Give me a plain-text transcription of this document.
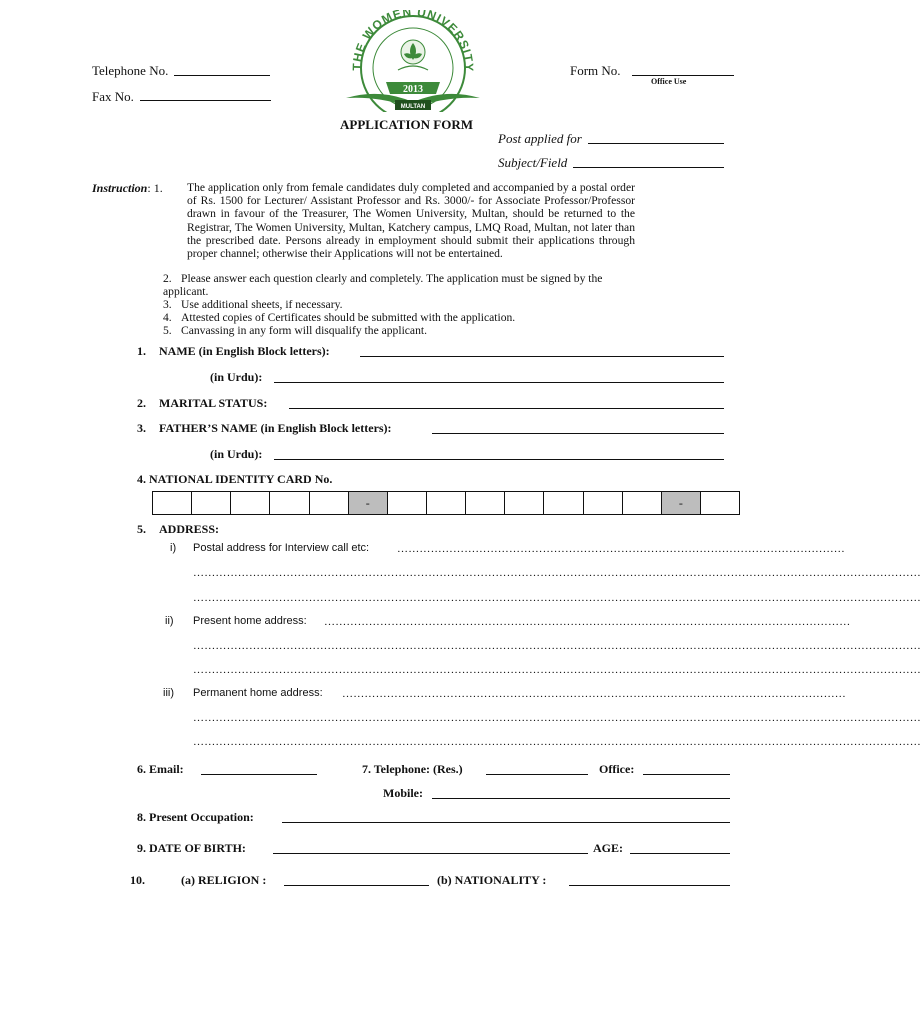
Telephone No.
Fax No.
Form No.
Office Use
THE WOMEN UNIVERSITY
2013
MULTAN
APPLICATION FORM
Post applied for
Subject/Field
Instruction: 1. The application only from female candidates duly completed and accompanied by a postal order of Rs. 1500 for Lecturer/ Assistant Professor and Rs. 3000/- for Associate Professor/Professor drawn in favour of the Treasurer, The Women University, Multan, should be returned to the Registrar, The Women University, Multan, Katchery campus, LMQ Road, Multan, not later than the prescribed date. Persons already in employment should submit their applications through proper channel; otherwise their Applications will not be entertained.
2. Please answer each question clearly and completely. The application must be signed by the applicant.
3. Use additional sheets, if necessary.
4. Attested copies of Certificates should be submitted with the application.
5. Canvassing in any form will disqualify the applicant.
1. NAME (in English Block letters):
(in Urdu):
2. MARITAL STATUS:
3. FATHER’S NAME (in English Block letters):
(in Urdu):
4. NATIONAL IDENTITY CARD No.
-	-
5. ADDRESS:
i) Postal address for Interview call etc:	…………………………………………………………………………………………………………
……………………………………………………………………………………………………………………………………………………………………………
……………………………………………………………………………………………………………………………………………………………………………
ii) Present home address: ……………………………………………………………………………………………………………………………
……………………………………………………………………………………………………………………………………………………………………………
……………………………………………………………………………………………………………………………………………………………………………
iii) Permanent home address: ………………………………………………………………………………………………………………………
……………………………………………………………………………………………………………………………………………………………………………
……………………………………………………………………………………………………………………………………………………………………………
6. Email:	7. Telephone: (Res.)	Office:
Mobile:
8. Present Occupation:
9. DATE OF BIRTH:	AGE:
10.	(a) RELIGION :	(b) NATIONALITY :
